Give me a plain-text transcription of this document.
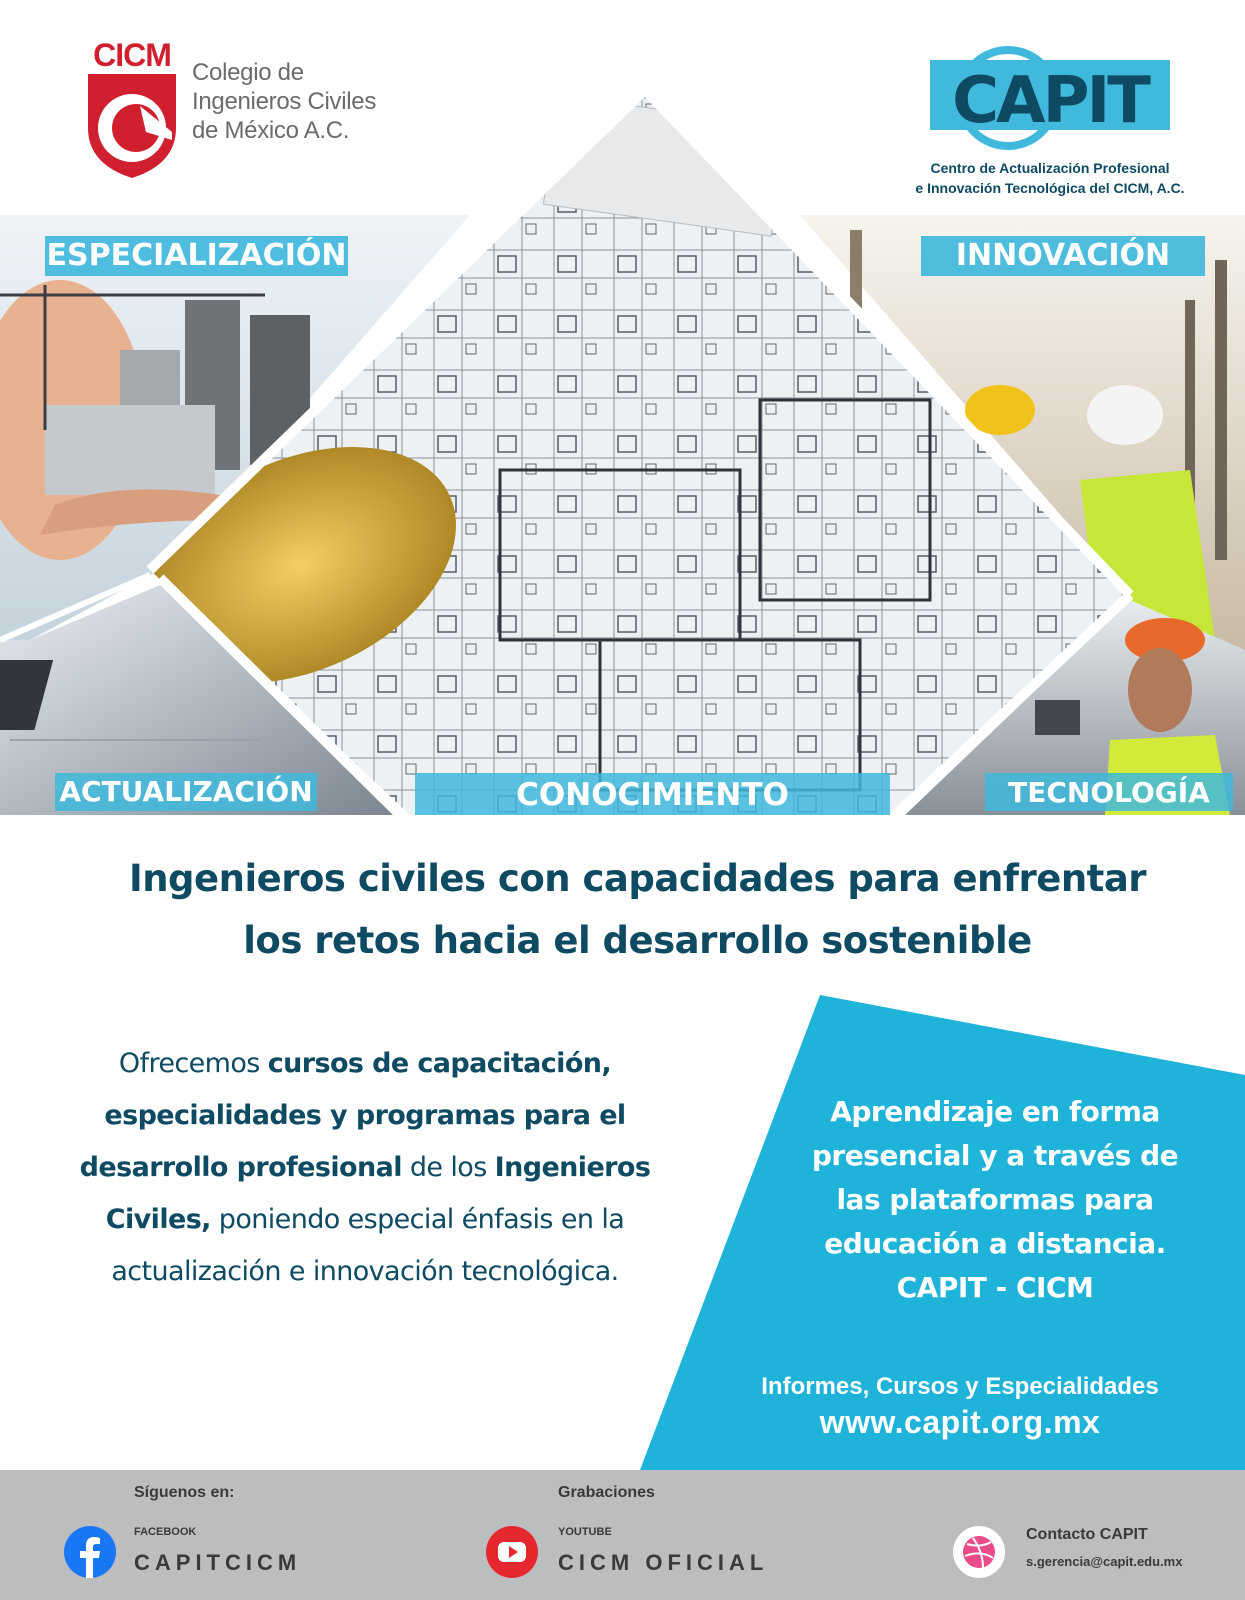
ESPECIALIZACIÓN	INNOVACIÓN
ACTUALIZACIÓN	CONOCIMIENTO	TECNOLOGÍA
CICM Colegio de
Ingenieros Civiles
de México A.C.	CAPIT
Centro de Actualización Profesional
e Innovación Tecnológica del CICM, A.C.
Ingenieros civiles con capacidades para enfrentar
los retos hacia el desarrollo sostenible
Ofrecemos cursos de capacitación,
especialidades y programas para el
desarrollo profesional de los Ingenieros
Civiles, poniendo especial énfasis en la
actualización e innovación tecnológica.
Aprendizaje en forma
presencial y a través de
las plataformas para
educación a distancia.
CAPIT - CICM
Informes, Cursos y Especialidades
www.capit.org.mx
Síguenos en:
FACEBOOK
CAPITCICM
Grabaciones
YOUTUBE
CICM OFICIAL
Contacto CAPIT
s.gerencia@capit.edu.mx
